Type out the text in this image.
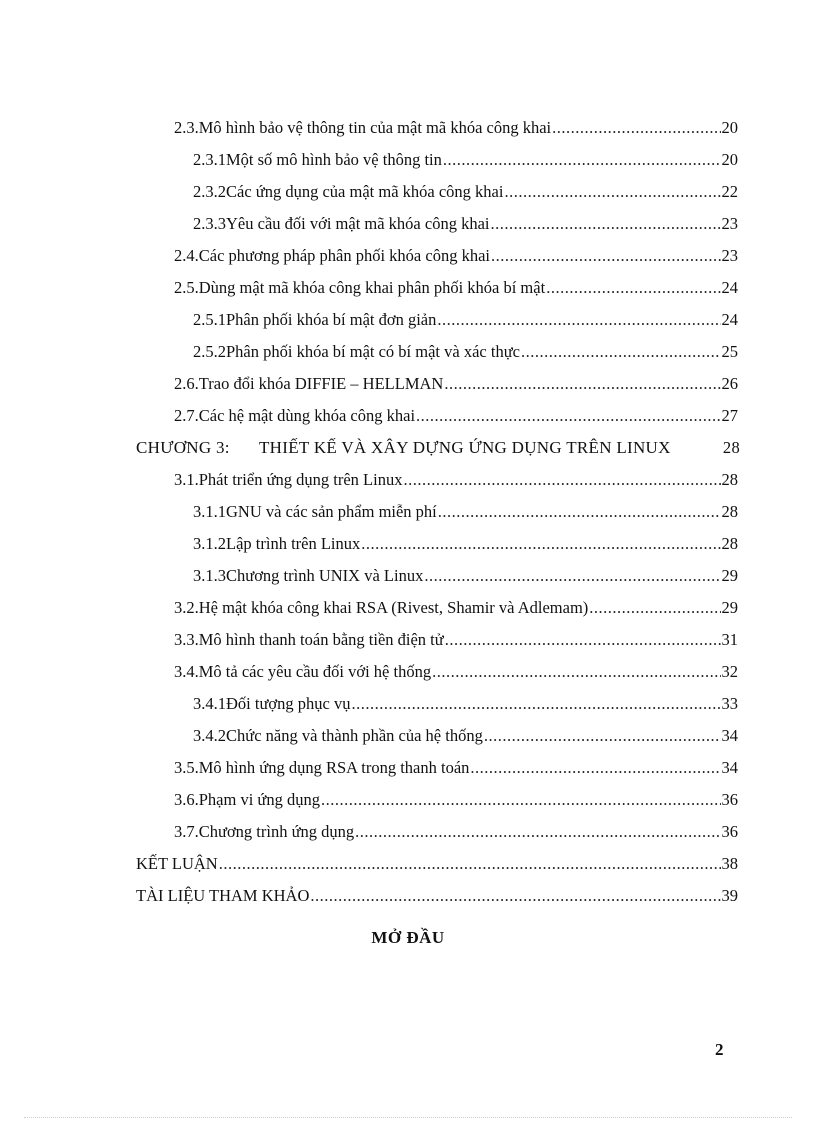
2.3. Mô hình bảo vệ thông tin của mật mã khóa công khai .....	20
2.3.1 Một số mô hình bảo vệ thông tin .....	20
2.3.2 Các ứng dụng của mật mã khóa công khai .....	22
2.3.3 Yêu cầu đối với mật mã khóa công khai .....	23
2.4. Các phương pháp phân phối khóa công khai .....	23
2.5. Dùng mật mã khóa công khai phân phối khóa bí mật .....	24
2.5.1 Phân phối khóa bí mật đơn giản .....	24
2.5.2 Phân phối khóa bí mật có bí mật và xác thực .....	25
2.6. Trao đổi khóa DIFFIE – HELLMAN .....	26
2.7. Các hệ mật dùng khóa công khai .....	27
CHƯƠNG 3:	THIẾT KẾ VÀ XÂY DỰNG ỨNG DỤNG TRÊN LINUX	28
3.1. Phát triển ứng dụng trên Linux .....	28
3.1.1 GNU và các sản phẩm miễn phí .....	28
3.1.2 Lập trình trên Linux .....	28
3.1.3 Chương trình UNIX và Linux .....	29
3.2. Hệ mật khóa công khai RSA (Rivest, Shamir và Adlemam) .....	29
3.3. Mô hình thanh toán bằng tiền điện tử .....	31
3.4. Mô tả các yêu cầu đối với hệ thống .....	32
3.4.1 Đối tượng phục vụ .....	33
3.4.2 Chức năng và thành phần của hệ thống .....	34
3.5. Mô hình ứng dụng RSA trong thanh toán .....	34
3.6. Phạm vi ứng dụng .....	36
3.7. Chương trình ứng dụng .....	36
KẾT LUẬN .....	38
TÀI LIỆU THAM KHẢO .....	39
MỞ ĐẦU
2
